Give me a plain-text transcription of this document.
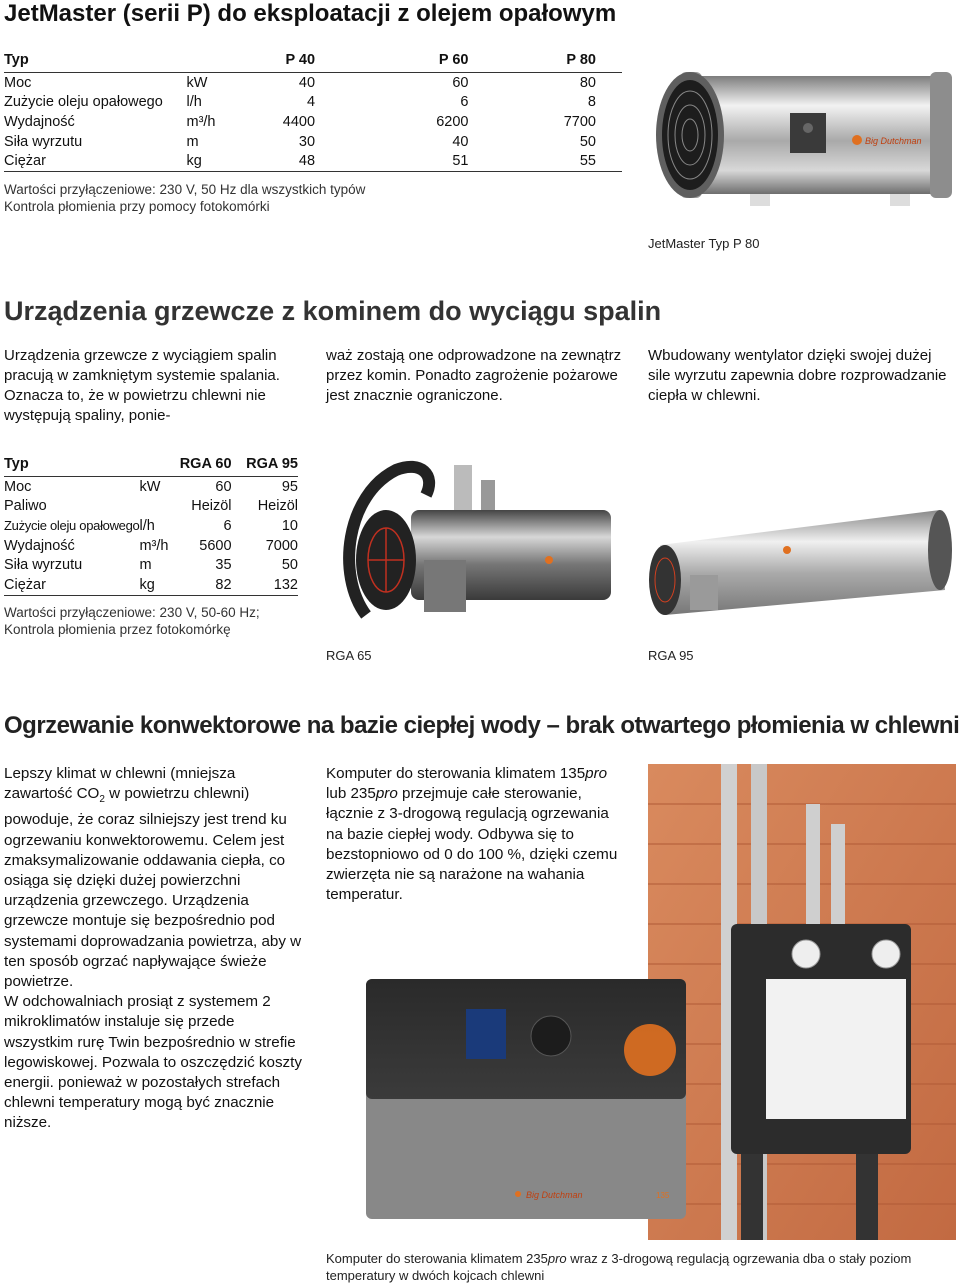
JetMaster (serii P) do eksploatacji z olejem opałowym
Typ		P 40	P 60	P 80
Moc	kW	40	60	80
Zużycie oleju opałowego	l/h	4	6	8
Wydajność	m³/h	4400	6200	7700
Siła wyrzutu	m	30	40	50
Ciężar	kg	48	51	55
Wartości przyłączeniowe: 230 V, 50 Hz dla wszystkich typów
Kontrola płomienia przy pomocy fotokomórki
Big Dutchman
JetMaster Typ P 80
Urządzenia grzewcze z kominem do wyciągu spalin
Urządzenia grzewcze z wyciągiem spalin pracują w zamkniętym systemie spalania. Oznacza to, że w powietrzu chlewni nie występują spaliny, ponie-
waż zostają one odprowadzone na zewnątrz przez komin. Ponadto zagrożenie pożarowe jest znacznie ograniczone.
Wbudowany wentylator dzięki swojej dużej sile wyrzutu zapewnia dobre rozprowadzanie ciepła w chlewni.
Typ		RGA 60	RGA 95
Moc	kW	60	95
Paliwo		Heizöl	Heizöl
Zużycie oleju opałowego	l/h	6	10
Wydajność	m³/h	5600	7000
Siła wyrzutu	m	35	50
Ciężar	kg	82	132
Wartości przyłączeniowe: 230 V, 50-60 Hz;
Kontrola płomienia przez fotokomórkę
RGA 65	RGA 95
Ogrzewanie konwektorowe na bazie ciepłej wody – brak otwartego płomienia w chlewni
Lepszy klimat w chlewni (mniejsza zawartość $CO_2$ w powietrzu chlewni) powoduje, że coraz silniejszy jest trend ku ogrzewaniu konwektorowemu. Celem jest zmaksymalizowanie oddawania ciepła, co osiąga się dzięki dużej powierzchni urządzenia grzewczego. Urządzenia grzewcze montuje się bezpośrednio pod systemami doprowadzania powietrza, aby w ten sposób ogrzać napływające świeże powietrze.
W odchowalniach prosiąt z systemem 2 mikroklimatów instaluje się przede wszystkim rurę Twin bezpośrednio w strefie legowiskowej. Pozwala to oszczędzić koszty energii. ponieważ w pozostałych strefach chlewni temperatury mogą być znacznie niższe.
Komputer do sterowania klimatem 135pro lub 235pro przejmuje całe sterowanie, łącznie z 3-drogową regulacją ogrzewania na bazie ciepłej wody. Odbywa się to bezstopniowo od 0 do 100 %, dzięki czemu zwierzęta nie są narażone na wahania temperatur.
Big Dutchman	135
Komputer do sterowania klimatem 235pro wraz z 3-drogową regulacją ogrzewania dba o stały poziom temperatury w dwóch kojcach chlewni
